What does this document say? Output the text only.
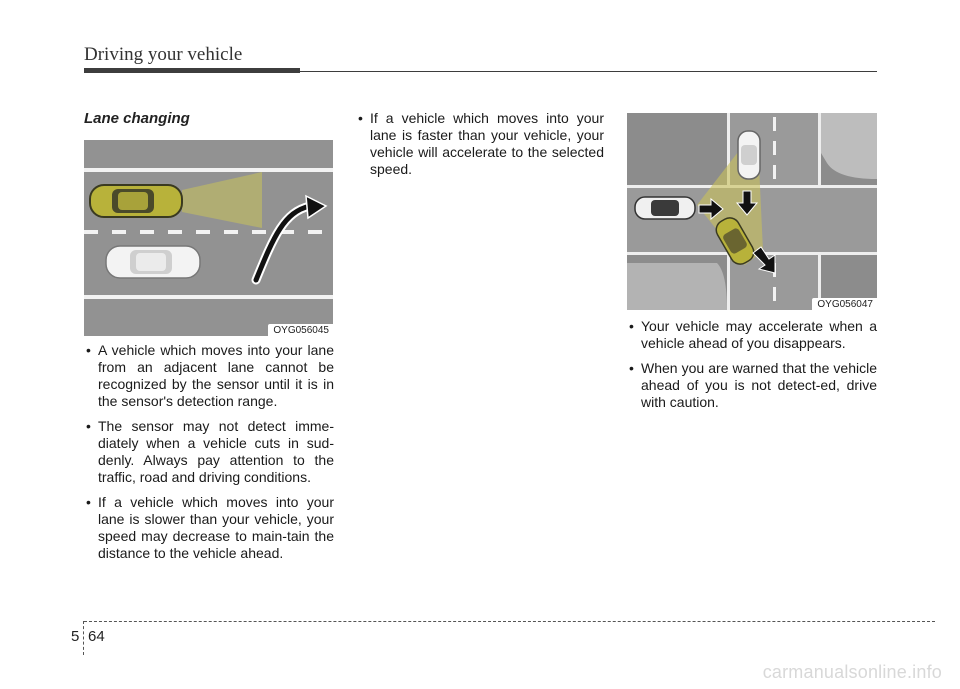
Driving your vehicle
Lane changing
OYG056045
OYG056047
• A vehicle which moves into your lane from an adjacent lane cannot be recognized by the sensor until it is in the sensor's detection range.
• The sensor may not detect imme-diately when a vehicle cuts in sud-denly. Always pay attention to the traffic, road and driving conditions.
• If a vehicle which moves into your lane is slower than your vehicle, your speed may decrease to main-tain the distance to the vehicle ahead.
• If a vehicle which moves into your lane is faster than your vehicle, your vehicle will accelerate to the selected speed.
• Your vehicle may accelerate when a vehicle ahead of you disappears.
• When you are warned that the vehicle ahead of you is not detect-ed, drive with caution.
5 64
carmanualsonline.info
